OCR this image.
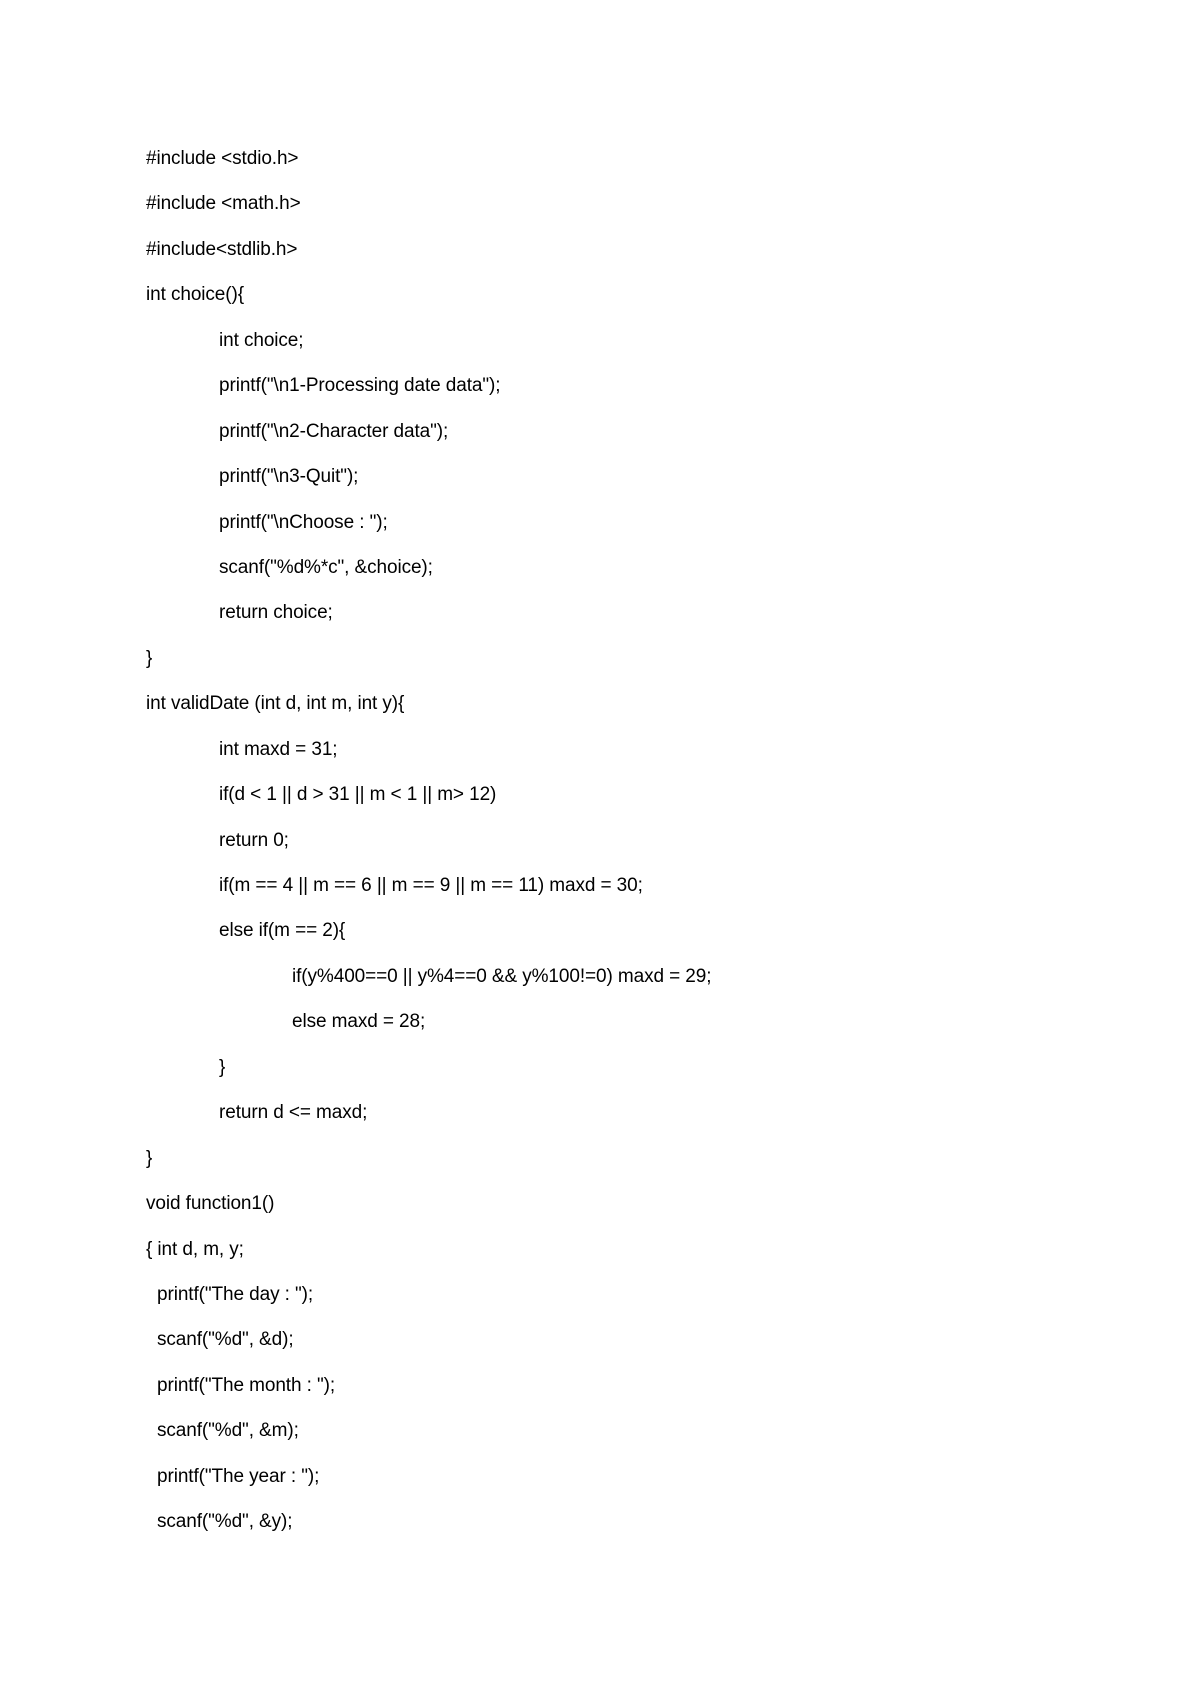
#include <stdio.h>
#include <math.h>
#include<stdlib.h>
int choice(){
int choice;
printf("\n1-Processing date data");
printf("\n2-Character data");
printf("\n3-Quit");
printf("\nChoose : ");
scanf("%d%*c", &choice);
return choice;
}
int validDate (int d, int m, int y){
int maxd = 31;
if(d < 1 || d > 31 || m < 1 || m> 12)
return 0;
if(m == 4 || m == 6 || m == 9 || m == 11) maxd = 30;
else if(m == 2){
if(y%400==0 || y%4==0 && y%100!=0) maxd = 29;
else maxd = 28;
}
return d <= maxd;
}
void function1()
{ int d, m, y;
printf("The day : ");
scanf("%d", &d);
printf("The month : ");
scanf("%d", &m);
printf("The year : ");
scanf("%d", &y);
